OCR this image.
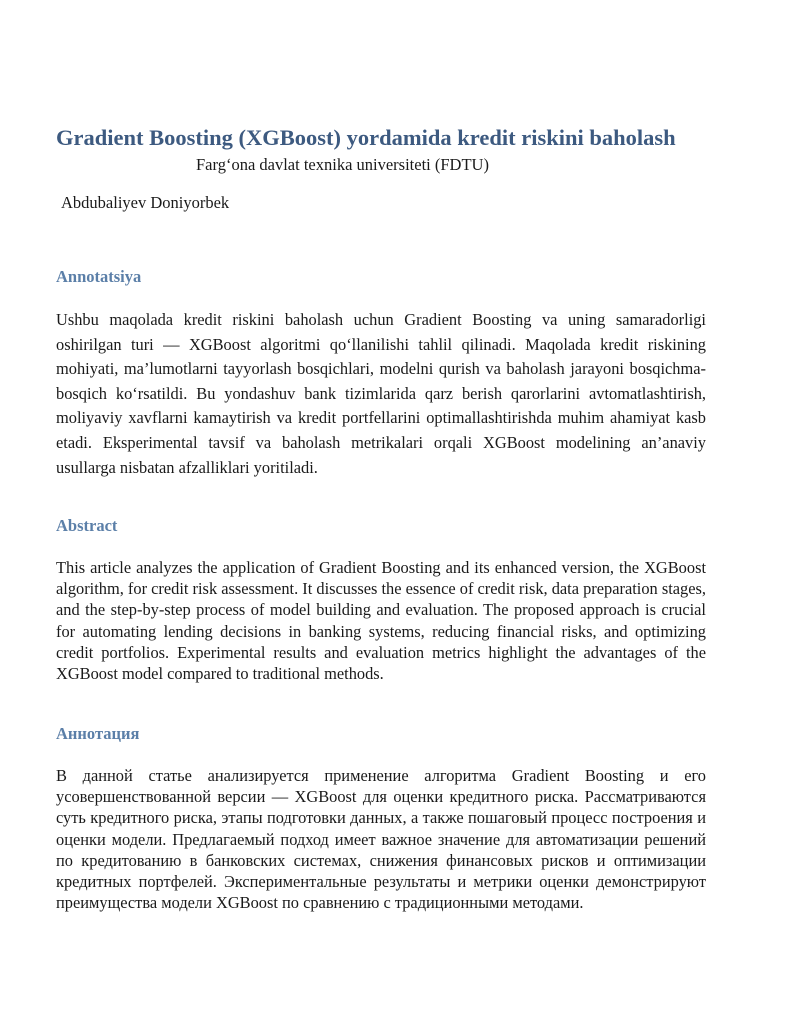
Gradient Boosting (XGBoost) yordamida kredit riskini baholash
Farg‘ona davlat texnika universiteti (FDTU)
Abdubaliyev Doniyorbek
Annotatsiya

Ushbu maqolada kredit riskini baholash uchun Gradient Boosting va uning samaradorligi oshirilgan turi — XGBoost algoritmi qo‘llanilishi tahlil qilinadi. Maqolada kredit riskining mohiyati, ma’lumotlarni tayyorlash bosqichlari, modelni qurish va baholash jarayoni bosqichma-bosqich ko‘rsatildi. Bu yondashuv bank tizimlarida qarz berish qarorlarini avtomatlashtirish, moliyaviy xavflarni kamaytirish va kredit portfellarini optimallashtirishda muhim ahamiyat kasb etadi. Eksperimental tavsif va baholash metrikalari orqali XGBoost modelining an’anaviy usullarga nisbatan afzalliklari yoritiladi.

Abstract

This article analyzes the application of Gradient Boosting and its enhanced version, the XGBoost algorithm, for credit risk assessment. It discusses the essence of credit risk, data preparation stages, and the step-by-step process of model building and evaluation. The proposed approach is crucial for automating lending decisions in banking systems, reducing financial risks, and optimizing credit portfolios. Experimental results and evaluation metrics highlight the advantages of the XGBoost model compared to traditional methods.

Аннотация

В данной статье анализируется применение алгоритма Gradient Boosting и его усовершенствованной версии — XGBoost для оценки кредитного риска. Рассматриваются суть кредитного риска, этапы подготовки данных, а также пошаговый процесс построения и оценки модели. Предлагаемый подход имеет важное значение для автоматизации решений по кредитованию в банковских системах, снижения финансовых рисков и оптимизации кредитных портфелей. Экспериментальные результаты и метрики оценки демонстрируют преимущества модели XGBoost по сравнению с традиционными методами.
